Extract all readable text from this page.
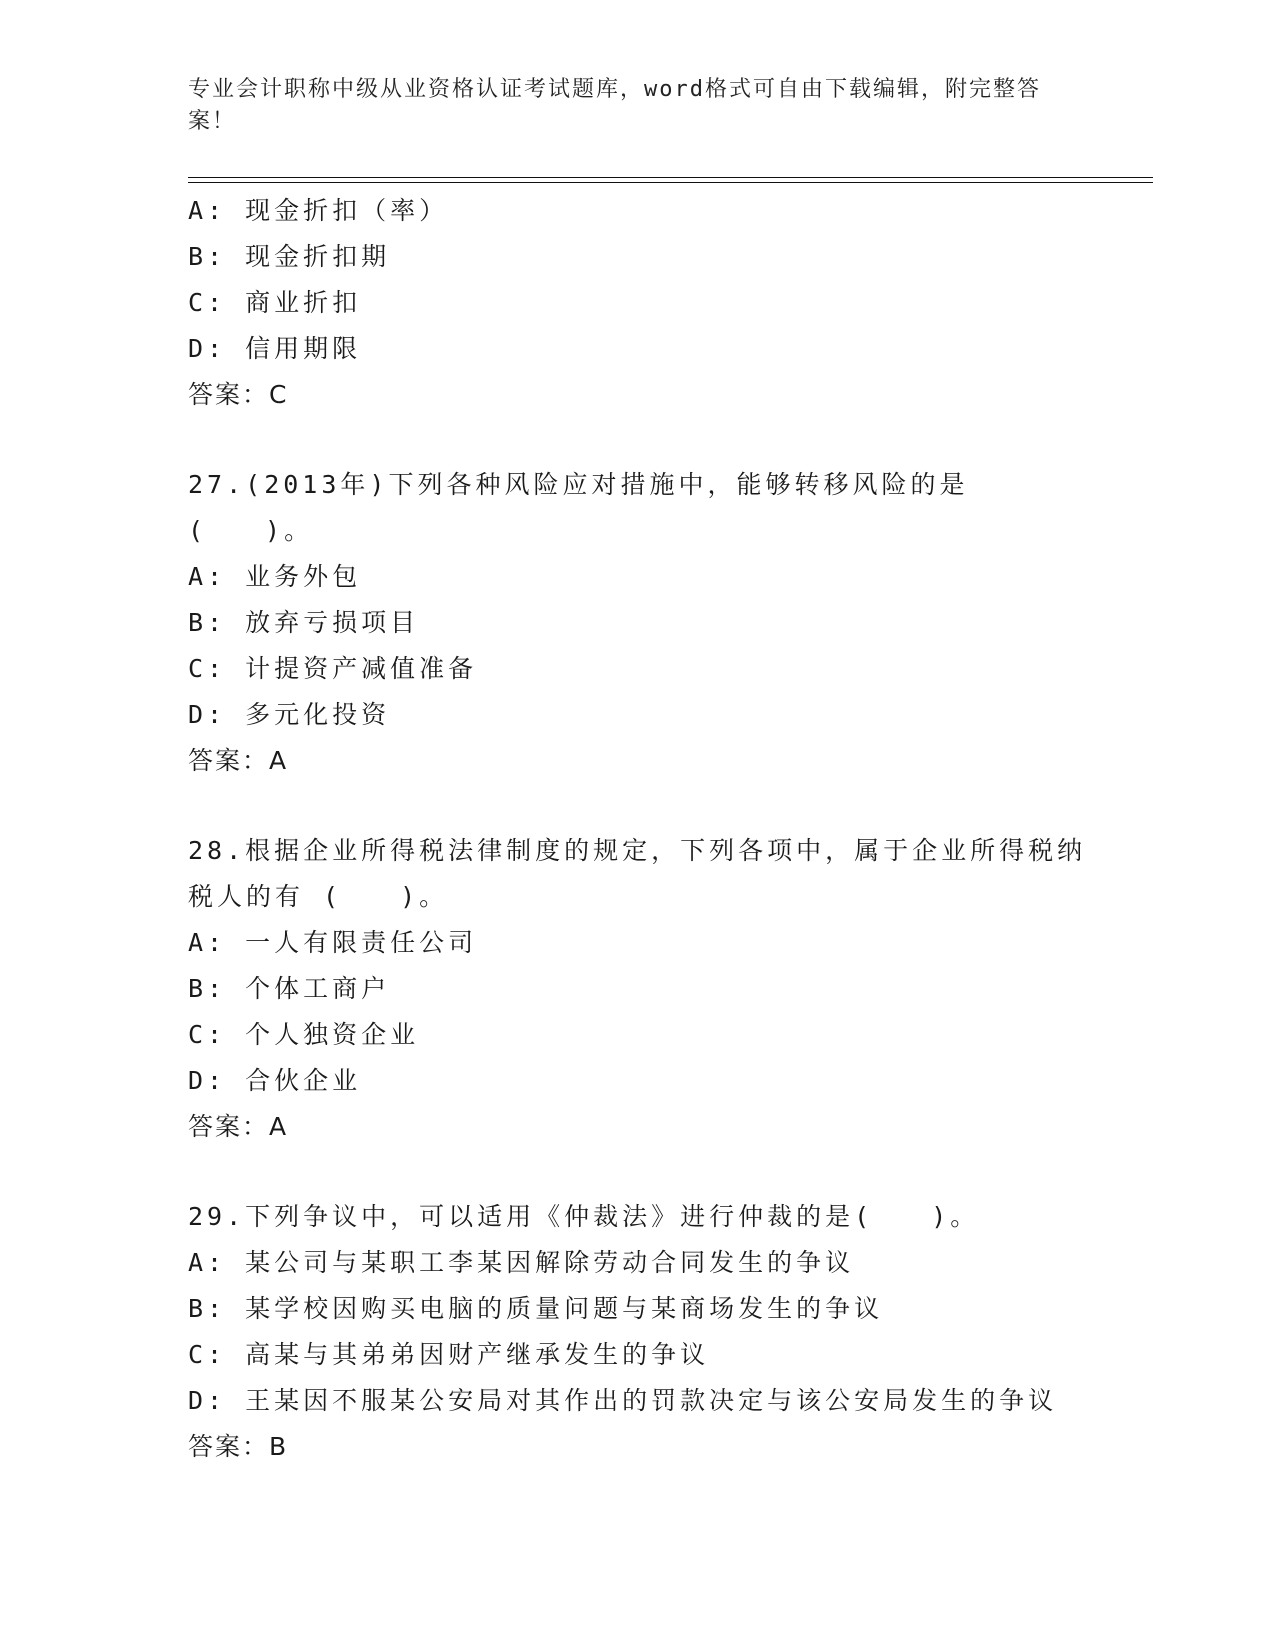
专业会计职称中级从业资格认证考试题库，word格式可自由下载编辑，附完整答案！
A: 现金折扣（率）
B: 现金折扣期
C: 商业折扣
D: 信用期限
答案：C
27.(2013年)下列各种风险应对措施中，能够转移风险的是(　　)。
A: 业务外包
B: 放弃亏损项目
C: 计提资产减值准备
D: 多元化投资
答案：A
28.根据企业所得税法律制度的规定，下列各项中，属于企业所得税纳税人的有 (　　)。
A: 一人有限责任公司
B: 个体工商户
C: 个人独资企业
D: 合伙企业
答案：A
29.下列争议中，可以适用《仲裁法》进行仲裁的是(　　)。
A: 某公司与某职工李某因解除劳动合同发生的争议
B: 某学校因购买电脑的质量问题与某商场发生的争议
C: 高某与其弟弟因财产继承发生的争议
D: 王某因不服某公安局对其作出的罚款决定与该公安局发生的争议
答案：B
